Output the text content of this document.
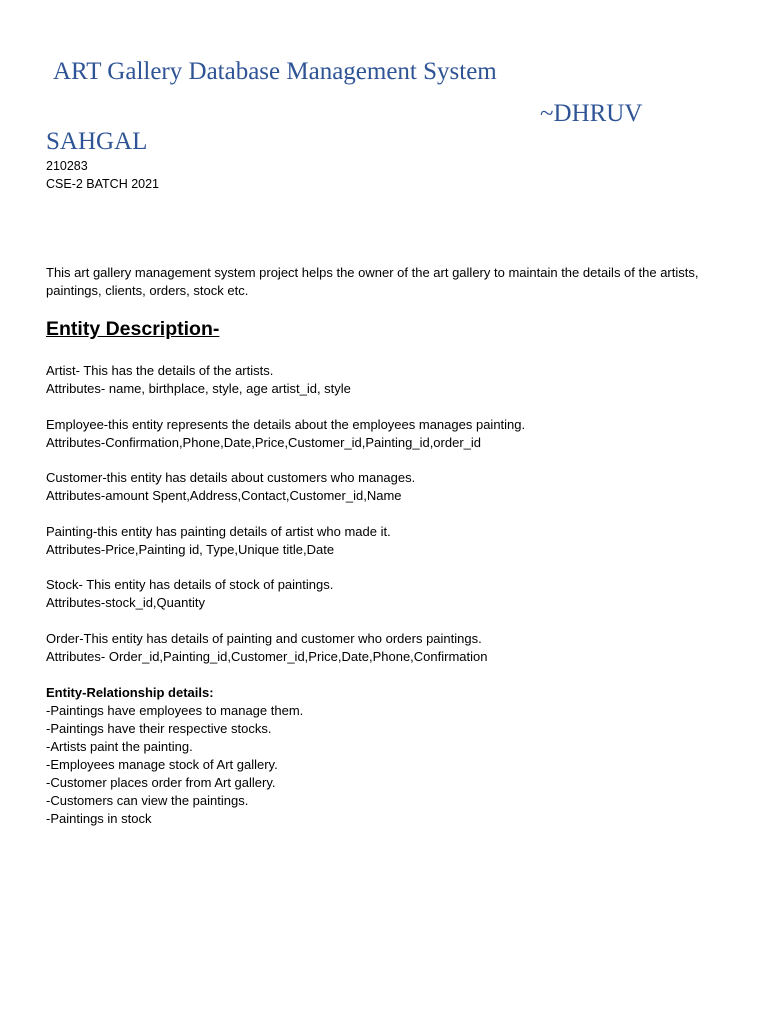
ART Gallery Database Management System
~DHRUV
SAHGAL
210283
CSE-2 BATCH 2021

This art gallery management system project helps the owner of the art gallery to maintain the details of the artists, paintings, clients, orders, stock etc.

Entity Description-
Artist- This has the details of the artists.
Attributes- name, birthplace, style, age artist_id, style
Employee-this entity represents the details about the employees manages painting.
Attributes-Confirmation,Phone,Date,Price,Customer_id,Painting_id,order_id
Customer-this entity has details about customers who manages.
Attributes-amount Spent,Address,Contact,Customer_id,Name
Painting-this entity has painting details of artist who made it.
Attributes-Price,Painting id, Type,Unique title,Date
Stock- This entity has details of stock of paintings.
Attributes-stock_id,Quantity
Order-This entity has details of painting and customer who orders paintings.
Attributes- Order_id,Painting_id,Customer_id,Price,Date,Phone,Confirmation
Entity-Relationship details:
-Paintings have employees to manage them.
-Paintings have their respective stocks.
-Artists paint the painting.
-Employees manage stock of Art gallery.
-Customer places order from Art gallery.
-Customers can view the paintings.
-Paintings in stock
